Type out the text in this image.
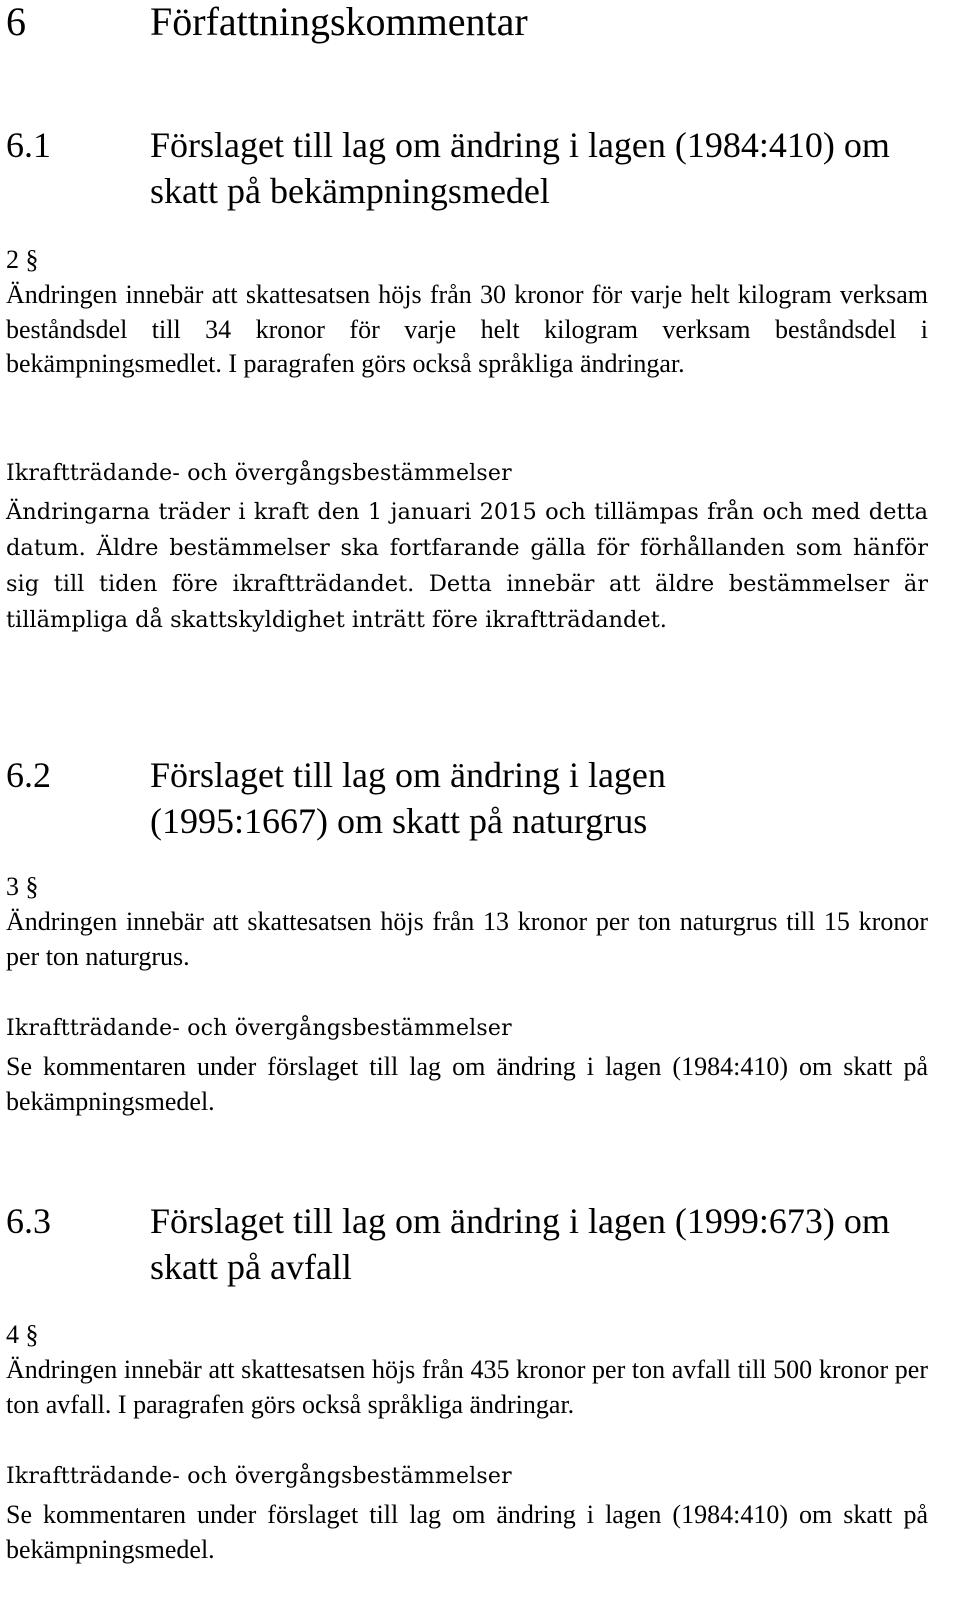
6	Författningskommentar
6.1	Förslaget till lag om ändring i lagen (1984:410) om skatt på bekämpningsmedel
2 §
Ändringen innebär att skattesatsen höjs från 30 kronor för varje helt kilogram verksam beståndsdel till 34 kronor för varje helt kilogram verksam beståndsdel i bekämpningsmedlet. I paragrafen görs också språkliga ändringar.
Ikraftträdande- och övergångsbestämmelser
Ändringarna träder i kraft den 1 januari 2015 och tillämpas från och med detta datum. Äldre bestämmelser ska fortfarande gälla för förhållanden som hänför sig till tiden före ikraftträdandet. Detta innebär att äldre bestämmelser är tillämpliga då skattskyldighet inträtt före ikraftträdandet.
6.2	Förslaget till lag om ändring i lagen (1995:1667) om skatt på naturgrus
3 §
Ändringen innebär att skattesatsen höjs från 13 kronor per ton naturgrus till 15 kronor per ton naturgrus.
Ikraftträdande- och övergångsbestämmelser
Se kommentaren under förslaget till lag om ändring i lagen (1984:410) om skatt på bekämpningsmedel.
6.3	Förslaget till lag om ändring i lagen (1999:673) om skatt på avfall
4 §
Ändringen innebär att skattesatsen höjs från 435 kronor per ton avfall till 500 kronor per ton avfall. I paragrafen görs också språkliga ändringar.
Ikraftträdande- och övergångsbestämmelser
Se kommentaren under förslaget till lag om ändring i lagen (1984:410) om skatt på bekämpningsmedel.
